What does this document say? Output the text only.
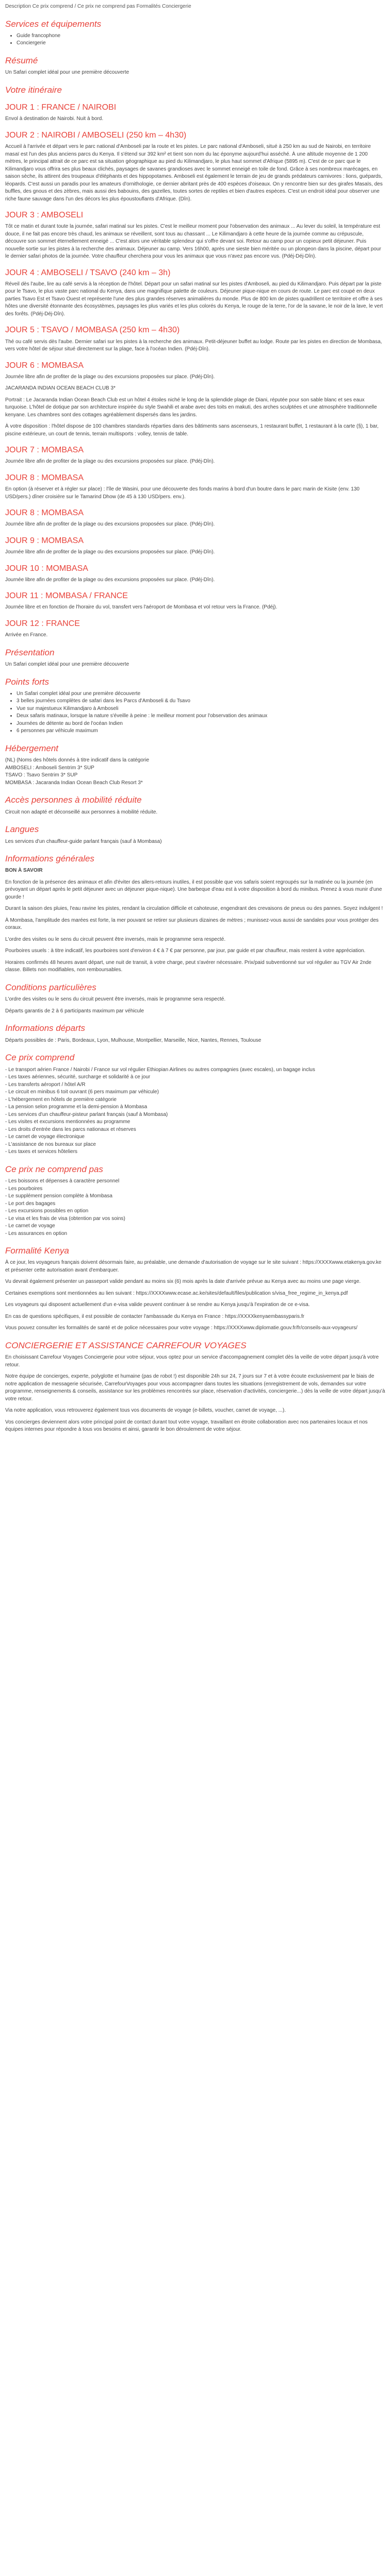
Description Ce prix comprend / Ce prix ne comprend pas Formalités Conciergerie

Services et équipements
• Guide francophone
• Conciergerie
Résumé

Un Safari complet idéal pour une première découverte

Votre itinéraire
JOUR 1 : FRANCE / NAIROBI

Envol à destination de Nairobi. Nuit à bord.

JOUR 2 : NAIROBI / AMBOSELI (250 km – 4h30)

Accueil à l'arrivée et départ vers le parc national d'Amboseli par la route et les pistes. Le parc national d'Amboseli, situé à 250 km au sud de Nairobi, en territoire masaï est l'un des plus anciens parcs du Kenya. Il s'étend sur 392 km² et tient son nom du lac éponyme aujourd'hui asséché. À une altitude moyenne de 1 200 mètres, le principal attrait de ce parc est sa situation géographique au pied du Kilimandjaro, le plus haut sommet d'Afrique (5895 m). C'est de ce parc que le Kilimandjaro vous offrira ses plus beaux clichés, paysages de savanes grandioses avec le sommet enneigé en toile de fond. Grâce à ses nombreux marécages, en saison sèche, ils attirent des troupeaux d'éléphants et des hippopotames. Amboseli est également le terrain de jeu de grands prédateurs carnivores : lions, guépards, léopards. C'est aussi un paradis pour les amateurs d'ornithologie, ce dernier abritant près de 400 espèces d'oiseaux. On y rencontre bien sur des girafes Masaïs, des buffles, des gnous et des zèbres, mais aussi des babouins, des gazelles, toutes sortes de reptiles et bien d'autres espèces. C'est un endroit idéal pour observer une riche faune sauvage dans l'un des décors les plus époustouflants d'Afrique. (Dîn).

JOUR 3 : AMBOSELI

Tôt ce matin et durant toute la journée, safari matinal sur les pistes. C'est le meilleur moment pour l'observation des animaux ... Au lever du soleil, la température est douce, il ne fait pas encore très chaud, les animaux se réveillent, sont tous au chassant ... Le Kilimandjaro à cette heure de la journée comme au crépuscule, découvre son sommet éternellement enneigé ... C'est alors une véritable splendeur qui s'offre devant soi. Retour au camp pour un copieux petit déjeuner. Puis nouvelle sortie sur les pistes à la recherche des animaux. Déjeuner au camp. Vers 16h00, après une sieste bien méritée ou un plongeon dans la piscine, départ pour le dernier safari photos de la journée. Votre chauffeur cherchera pour vous les animaux que vous n'avez pas encore vus. (Pdéj-Déj-Dîn).

JOUR 4 : AMBOSELI / TSAVO (240 km – 3h)

Réveil dès l'aube, lire au café servis à la réception de l'hôtel. Départ pour un safari matinal sur les pistes d'Amboseli, au pied du Kilimandjaro. Puis départ par la piste pour le Tsavo, le plus vaste parc national du Kenya, dans une magnifique palette de couleurs. Déjeuner pique-nique en cours de route. Le parc est coupé en deux parties Tsavo Est et Tsavo Ouest et représente l'une des plus grandes réserves animalières du monde. Plus de 800 km de pistes quadrillent ce territoire et offre à ses hôtes une diversité étonnante des écosystèmes, paysages les plus variés et les plus colorés du Kenya, le rouge de la terre, l'or de la savane, le noir de la lave, le vert des forêts. (Pdéj-Déj-Dîn).

JOUR 5 : TSAVO / MOMBASA (250 km – 4h30)

Thé ou café servis dès l'aube. Dernier safari sur les pistes à la recherche des animaux. Petit-déjeuner buffet au lodge. Route par les pistes en direction de Mombasa, vers votre hôtel de séjour situé directement sur la plage, face à l'océan Indien. (Pdéj-Dîn).

JOUR 6 : MOMBASA

Journée libre afin de profiter de la plage ou des excursions proposées sur place. (Pdéj-Dîn).

JACARANDA INDIAN OCEAN BEACH CLUB 3*

Portrait : Le Jacaranda Indian Ocean Beach Club est un hôtel 4 étoiles niché le long de la splendide plage de Diani, réputée pour son sable blanc et ses eaux turquoise. L'hôtel de dotique par son architecture inspirée du style Swahili et arabe avec des toits en makuti, des arches sculptées et une atmosphère traditionnelle kenyane. Les chambres sont des cottages agréablement dispersés dans les jardins.

À votre disposition : l'hôtel dispose de 100 chambres standards réparties dans des bâtiments sans ascenseurs, 1 restaurant buffet, 1 restaurant à la carte (§), 1 bar, piscine extérieure, un court de tennis, terrain multisports : volley, tennis de table.

JOUR 7 : MOMBASA

Journée libre afin de profiter de la plage ou des excursions proposées sur place. (Pdéj-Dîn).

JOUR 8 : MOMBASA

En option (à réserver et à régler sur place) : l'île de Wasini, pour une découverte des fonds marins à bord d'un boutre dans le parc marin de Kisite (env. 130 USD/pers.) dîner croisière sur le Tamarind Dhow (de 45 à 130 USD/pers. env.).

JOUR 8 : MOMBASA

Journée libre afin de profiter de la plage ou des excursions proposées sur place. (Pdéj-Dîn).

JOUR 9 : MOMBASA

Journée libre afin de profiter de la plage ou des excursions proposées sur place. (Pdéj-Dîn).

JOUR 10 : MOMBASA

Journée libre afin de profiter de la plage ou des excursions proposées sur place. (Pdéj-Dîn).

JOUR 11 : MOMBASA / FRANCE

Journée libre et en fonction de l'horaire du vol, transfert vers l'aéroport de Mombasa et vol retour vers la France. (Pdéj).

JOUR 12 : FRANCE

Arrivée en France.

Présentation

Un Safari complet idéal pour une première découverte

Points forts
• Un Safari complet idéal pour une première découverte
• 3 belles journées complètes de safari dans les Parcs d'Amboseli & du Tsavo
• Vue sur majestueux Kilimandjaro à Amboseli
• Deux safaris matinaux, lorsque la nature s'éveille à peine : le meilleur moment pour l'observation des animaux
• Journées de détente au bord de l'océan Indien
• 6 personnes par véhicule maximum
Hébergement

(NL) (Noms des hôtels donnés à titre indicatif dans la catégorie

AMBOSELI : Amboseli Sentrim 3* SUP

TSAVO : Tsavo Sentrim 3* SUP

MOMBASA : Jacaranda Indian Ocean Beach Club Resort 3*

Accès personnes à mobilité réduite

Circuit non adapté et déconseillé aux personnes à mobilité réduite.

Langues

Les services d'un chauffeur-guide parlant français (sauf à Mombasa)

Informations générales

BON À SAVOIR

En fonction de la présence des animaux et afin d'éviter des allers-retours inutiles, il est possible que vos safaris soient regroupés sur la matinée ou la journée (en prévoyant un départ après le petit déjeuner avec un déjeuner pique-nique). Une barbeque d'eau est à votre disposition à bord du minibus. Prenez à vous munir d'une gourde !

Durant la saison des pluies, l'eau ravine les pistes, rendant la circulation difficile et cahoteuse, engendrant des crevaisons de pneus ou des pannes. Soyez indulgent !

À Mombasa, l'amplitude des marées est forte, la mer pouvant se retirer sur plusieurs dizaines de mètres ; munissez-vous aussi de sandales pour vous protéger des coraux.

L'ordre des visites ou le sens du circuit peuvent être inversés, mais le programme sera respecté.

Pourboires usuels : à titre indicatif, les pourboires sont d'environ 4 € à 7 € par personne, par jour, par guide et par chauffeur, mais restent à votre appréciation.

Horaires confirmés 48 heures avant départ, une nuit de transit, à votre charge, peut s'avérer nécessaire. Prix/paid subventionné sur vol régulier au TGV Air 2nde classe. Billets non modifiables, non remboursables.

Conditions particulières

L'ordre des visites ou le sens du circuit peuvent être inversés, mais le programme sera respecté.

Départs garantis de 2 à 6 participants maximum par véhicule

Informations départs

Départs possibles de : Paris, Bordeaux, Lyon, Mulhouse, Montpellier, Marseille, Nice, Nantes, Rennes, Toulouse

Ce prix comprend

- Le transport aérien France / Nairobi / France sur vol régulier Ethiopian Airlines ou autres compagnies (avec escales), un bagage inclus

- Les taxes aériennes, sécurité, surcharge et solidarité à ce jour

- Les transferts aéroport / hôtel A/R

- Le circuit en minibus 6 toit ouvrant (6 pers maximum par véhicule)

- L'hébergement en hôtels de première catégorie

- La pension selon programme et la demi-pension à Mombasa

- Les services d'un chauffeur-pisteur parlant français (sauf à Mombasa)

- Les visites et excursions mentionnées au programme

- Les droits d'entrée dans les parcs nationaux et réserves

- Le carnet de voyage électronique

- L'assistance de nos bureaux sur place

- Les taxes et services hôteliers

Ce prix ne comprend pas

- Les boissons et dépenses à caractère personnel

- Les pourboires

- Le supplément pension complète à Mombasa

- Le port des bagages

- Les excursions possibles en option

- Le visa et les frais de visa (obtention par vos soins)

- Le carnet de voyage

- Les assurances en option

Formalité Kenya

À ce jour, les voyageurs français doivent désormais faire, au préalable, une demande d'autorisation de voyage sur le site suivant : https://XXXXwww.etakenya.gov.ke et présenter cette autorisation avant d'embarquer.

Vu devrait également présenter un passeport valide pendant au moins six (6) mois après la date d'arrivée prévue au Kenya avec au moins une page vierge.

Certaines exemptions sont mentionnées au lien suivant : https://XXXXwww.ecase.ac.ke/sites/default/files/publication s/visa_free_regime_in_kenya.pdf

Les voyageurs qui disposent actuellement d'un e-visa valide peuvent continuer à se rendre au Kenya jusqu'à l'expiration de ce e-visa.

En cas de questions spécifiques, il est possible de contacter l'ambassade du Kenya en France : https://XXXXkenyaembassyparis.fr

Vous pouvez consulter les formalités de santé et de police nécessaires pour votre voyage : https://XXXXwww.diplomatie.gouv.fr/fr/conseils-aux-voyageurs/

CONCIERGERIE ET ASSISTANCE CARREFOUR VOYAGES

En choisissant Carrefour Voyages Conciergerie pour votre séjour, vous optez pour un service d'accompagnement complet dès la veille de votre départ jusqu'à votre retour.

Notre équipe de concierges, experte, polyglotte et humaine (pas de robot !) est disponible 24h sur 24, 7 jours sur 7 et à votre écoute exclusivement par le biais de notre application de messagerie sécurisée, CarrefourVoyages pour vous accompagner dans toutes les situations (enregistrement de vols, demandes sur votre programme, renseignements & conseils, assistance sur les problèmes rencontrés sur place, réservation d'activités, conciergerie...) dès la veille de votre départ jusqu'à votre retour.

Via notre application, vous retrouverez également tous vos documents de voyage (e-billets, voucher, carnet de voyage, ...).

Vos concierges deviennent alors votre principal point de contact durant tout votre voyage, travaillant en étroite collaboration avec nos partenaires locaux et nos équipes internes pour répondre à tous vos besoins et ainsi, garantir le bon déroulement de votre séjour.
